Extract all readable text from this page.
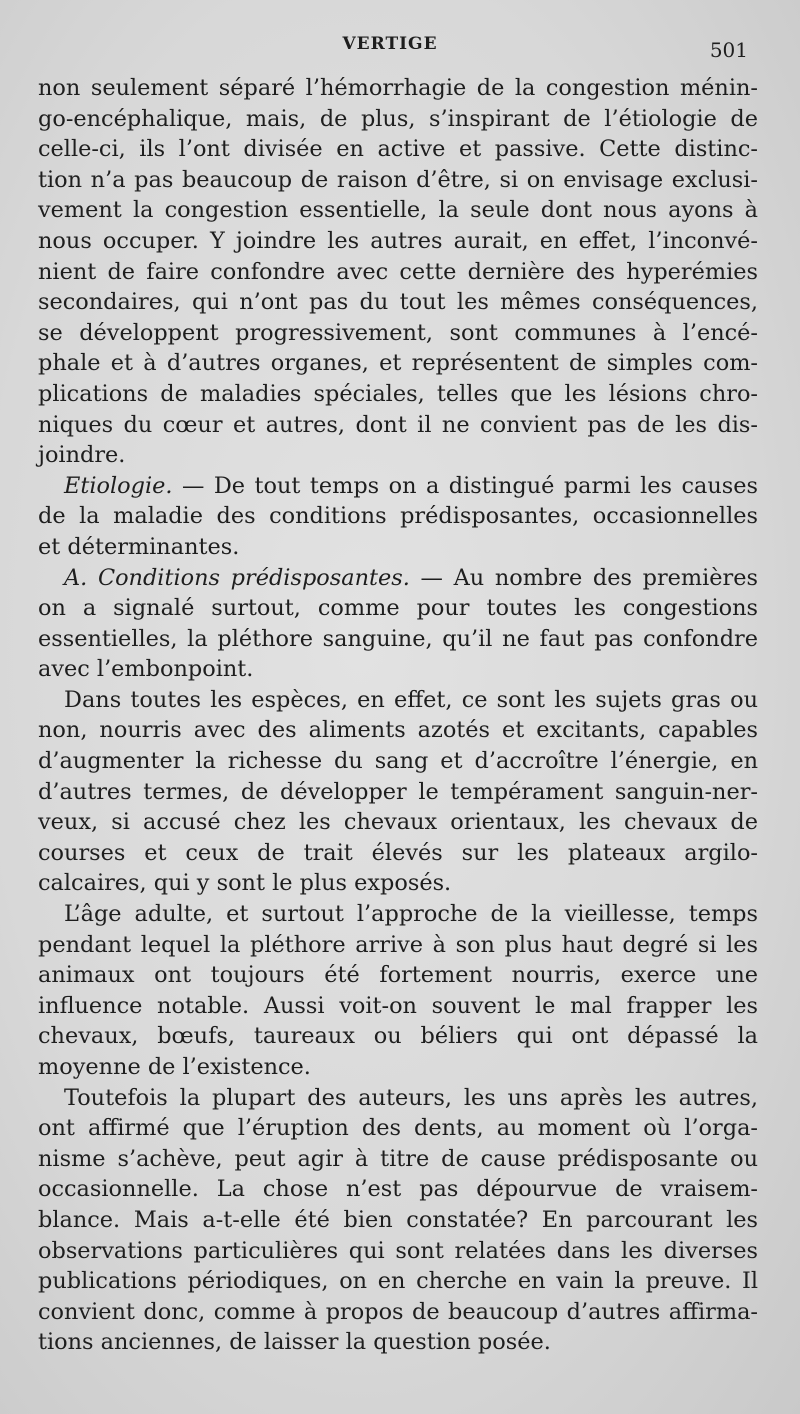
VERTIGE	501
non seulement séparé l’hémorrhagie de la congestion ménin-
go-encéphalique, mais, de plus, s’inspirant de l’étiologie de
celle-ci, ils l’ont divisée en active et passive. Cette distinc-
tion n’a pas beaucoup de raison d’être, si on envisage exclusi-
vement la congestion essentielle, la seule dont nous ayons à
nous occuper. Y joindre les autres aurait, en effet, l’inconvé-
nient de faire confondre avec cette dernière des hyperémies
secondaires, qui n’ont pas du tout les mêmes conséquences,
se développent progressivement, sont communes à l’encé-
phale et à d’autres organes, et représentent de simples com-
plications de maladies spéciales, telles que les lésions chro-
niques du cœur et autres, dont il ne convient pas de les dis-
joindre.
Etiologie. — De tout temps on a distingué parmi les causes
de la maladie des conditions prédisposantes, occasionnelles
et déterminantes.
A. Conditions prédisposantes. — Au nombre des premières
on a signalé surtout, comme pour toutes les congestions
essentielles, la pléthore sanguine, qu’il ne faut pas confondre
avec l’embonpoint.
Dans toutes les espèces, en effet, ce sont les sujets gras ou
non, nourris avec des aliments azotés et excitants, capables
d’augmenter la richesse du sang et d’accroître l’énergie, en
d’autres termes, de développer le tempérament sanguin-ner-
veux, si accusé chez les chevaux orientaux, les chevaux de
courses et ceux de trait élevés sur les plateaux argilo-
calcaires, qui y sont le plus exposés.
L’âge adulte, et surtout l’approche de la vieillesse, temps
pendant lequel la pléthore arrive à son plus haut degré si les
animaux ont toujours été fortement nourris, exerce une
influence notable. Aussi voit-on souvent le mal frapper les
chevaux, bœufs, taureaux ou béliers qui ont dépassé la
moyenne de l’existence.
Toutefois la plupart des auteurs, les uns après les autres,
ont affirmé que l’éruption des dents, au moment où l’orga-
nisme s’achève, peut agir à titre de cause prédisposante ou
occasionnelle. La chose n’est pas dépourvue de vraisem-
blance. Mais a-t-elle été bien constatée? En parcourant les
observations particulières qui sont relatées dans les diverses
publications périodiques, on en cherche en vain la preuve. Il
convient donc, comme à propos de beaucoup d’autres affirma-
tions anciennes, de laisser la question posée.
